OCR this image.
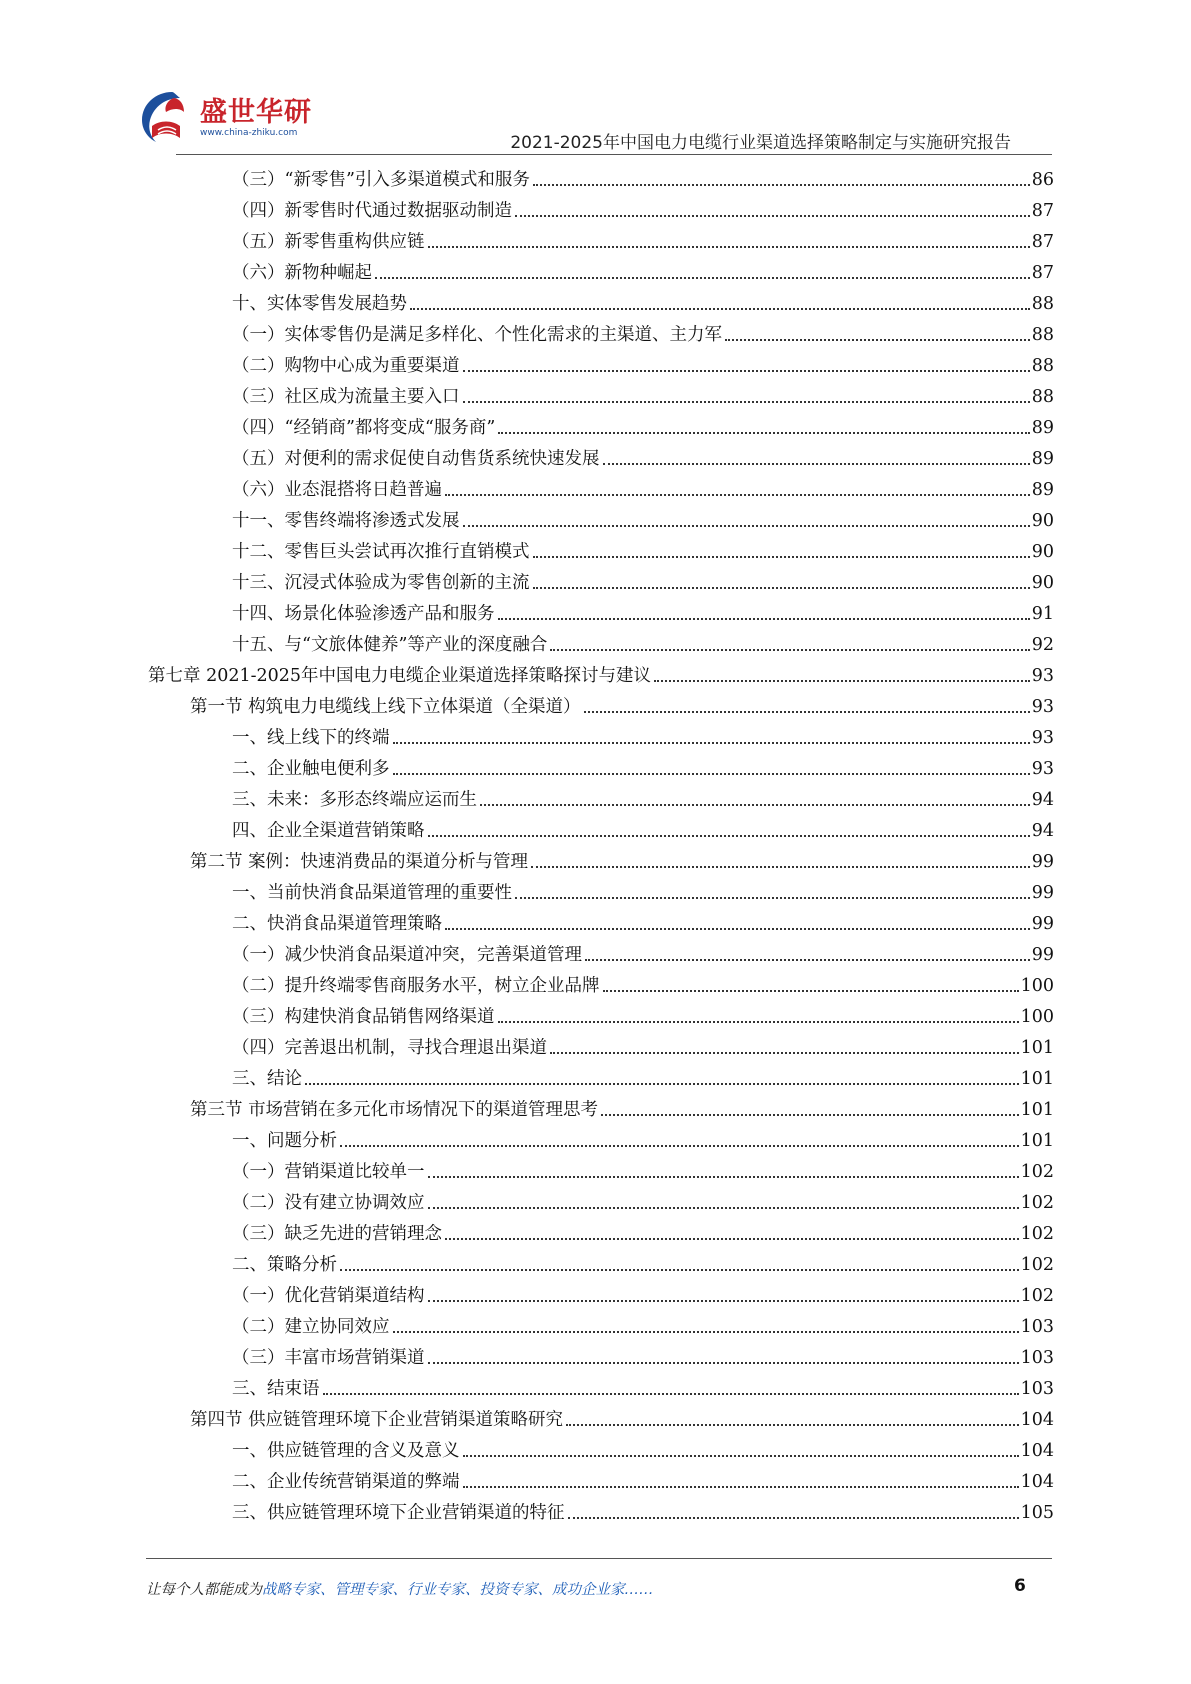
盛世华研
www.china-zhiku.com	2021-2025年中国电力电缆行业渠道选择策略制定与实施研究报告
（三）“新零售”引入多渠道模式和服务	86
（四）新零售时代通过数据驱动制造	87
（五）新零售重构供应链	87
（六）新物种崛起	87
十、实体零售发展趋势	88
（一）实体零售仍是满足多样化、个性化需求的主渠道、主力军	88
（二）购物中心成为重要渠道	88
（三）社区成为流量主要入口	88
（四）“经销商”都将变成“服务商”	89
（五）对便利的需求促使自动售货系统快速发展	89
（六）业态混搭将日趋普遍	89
十一、零售终端将渗透式发展	90
十二、零售巨头尝试再次推行直销模式	90
十三、沉浸式体验成为零售创新的主流	90
十四、场景化体验渗透产品和服务	91
十五、与“文旅体健养”等产业的深度融合	92
第七章 2021-2025年中国电力电缆企业渠道选择策略探讨与建议	93
第一节 构筑电力电缆线上线下立体渠道（全渠道）	93
一、线上线下的终端	93
二、企业触电便利多	93
三、未来：多形态终端应运而生	94
四、企业全渠道营销策略	94
第二节 案例：快速消费品的渠道分析与管理	99
一、当前快消食品渠道管理的重要性	99
二、快消食品渠道管理策略	99
（一）减少快消食品渠道冲突，完善渠道管理	99
（二）提升终端零售商服务水平，树立企业品牌	100
（三）构建快消食品销售网络渠道	100
（四）完善退出机制，寻找合理退出渠道	101
三、结论	101
第三节 市场营销在多元化市场情况下的渠道管理思考	101
一、问题分析	101
（一）营销渠道比较单一	102
（二）没有建立协调效应	102
（三）缺乏先进的营销理念	102
二、策略分析	102
（一）优化营销渠道结构	102
（二）建立协同效应	103
（三）丰富市场营销渠道	103
三、结束语	103
第四节 供应链管理环境下企业营销渠道策略研究	104
一、供应链管理的含义及意义	104
二、企业传统营销渠道的弊端	104
三、供应链管理环境下企业营销渠道的特征	105
让每个人都能成为战略专家、管理专家、行业专家、投资专家、成功企业家……	6
